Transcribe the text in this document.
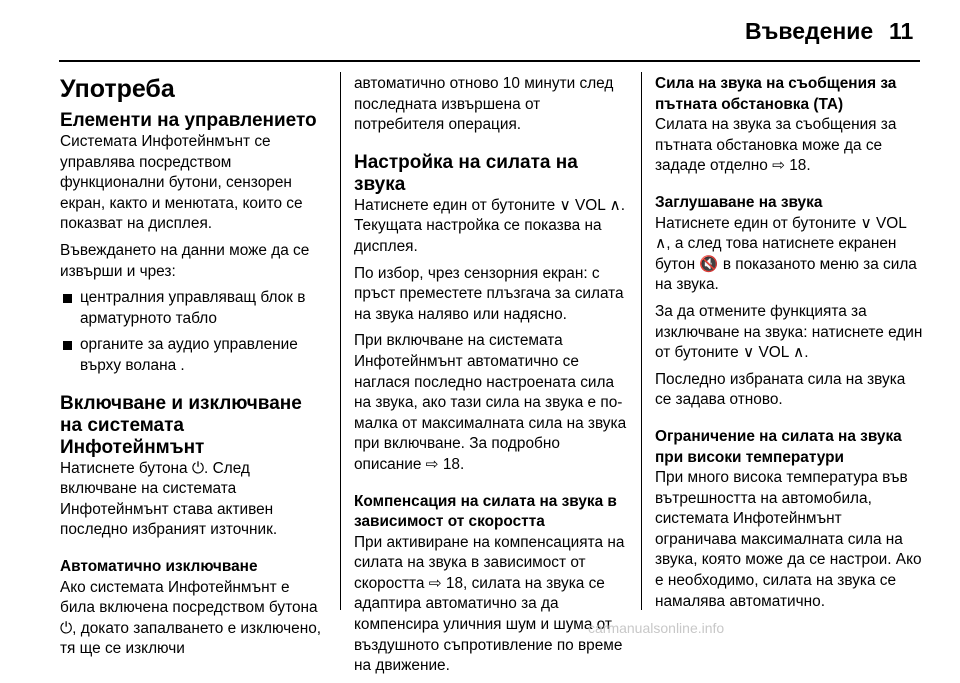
Въведение 11
Употреба
Елементи на управлението

Системата Инфотейнмънт се управлява посредством функционални бутони, сензорен екран, както и менютата, които се показват на дисплея.

Въвеждането на данни може да се извърши и чрез:

централния управляващ блок в арматурното табло
органите за аудио управление върху волана .
Включване и изключване на системата Инфотейнмънт

Натиснете бутона ⏻. След включване на системата Инфотейнмънт става активен последно избраният източник.

Автоматично изключване

Ако системата Инфотейнмънт е била включена посредством бутона ⏻, докато запалването е изключено, тя ще се изключи

автоматично отново 10 минути след последната извършена от потребителя операция.

Настройка на силата на звука

Натиснете един от бутоните ∨ VOL ∧. Текущата настройка се показва на дисплея.

По избор, чрез сензорния екран: с пръст преместете плъзгача за силата на звука наляво или надясно.

При включване на системата Инфотейнмънт автоматично се наглася последно настроената сила на звука, ако тази сила на звука е по-малка от максималната сила на звука при включване. За подробно описание ⇨ 18.

Компенсация на силата на звука в зависимост от скоростта

При активиране на компенсацията на силата на звука в зависимост от скоростта ⇨ 18, силата на звука се адаптира автоматично за да компенсира уличния шум и шума от въздушното съпротивление по време на движение.

Сила на звука на съобщения за пътната обстановка (ТА)

Силата на звука за съобщения за пътната обстановка може да се зададе отделно ⇨ 18.

Заглушаване на звука

Натиснете един от бутоните ∨ VOL ∧, а след това натиснете екранен бутон 🔇 в показаното меню за сила на звука.

За да отмените функцията за изключване на звука: натиснете един от бутоните ∨ VOL ∧.

Последно избраната сила на звука се задава отново.

Ограничение на силата на звука при високи температури

При много висока температура във вътрешността на автомобила, системата Инфотейнмънт ограничава максималната сила на звука, която може да се настрои. Ако е необходимо, силата на звука се намалява автоматично.

carmanualsonline.info
